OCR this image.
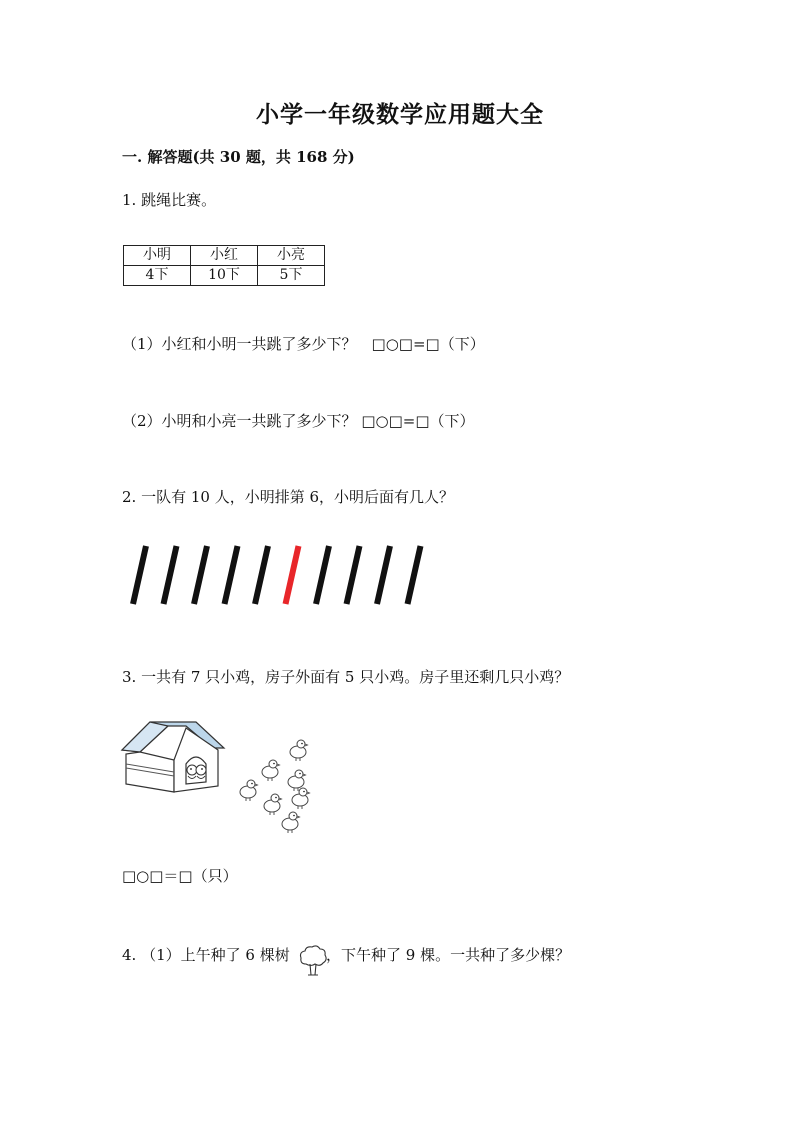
小学一年级数学应用题大全
一. 解答题(共 30 题，共 168 分)
1. 跳绳比赛。
小明	小红	小亮
4下	10下	5下
（1）小红和小明一共跳了多少下？　□○□=□（下）
（2）小明和小亮一共跳了多少下？ □○□=□（下）
2. 一队有 10 人，小明排第 6，小明后面有几人？
3. 一共有 7 只小鸡，房子外面有 5 只小鸡。房子里还剩几只小鸡？
□○□＝□（只）
4. （1）上午种了 6 棵树 ，下午种了 9 棵。一共种了多少棵？
